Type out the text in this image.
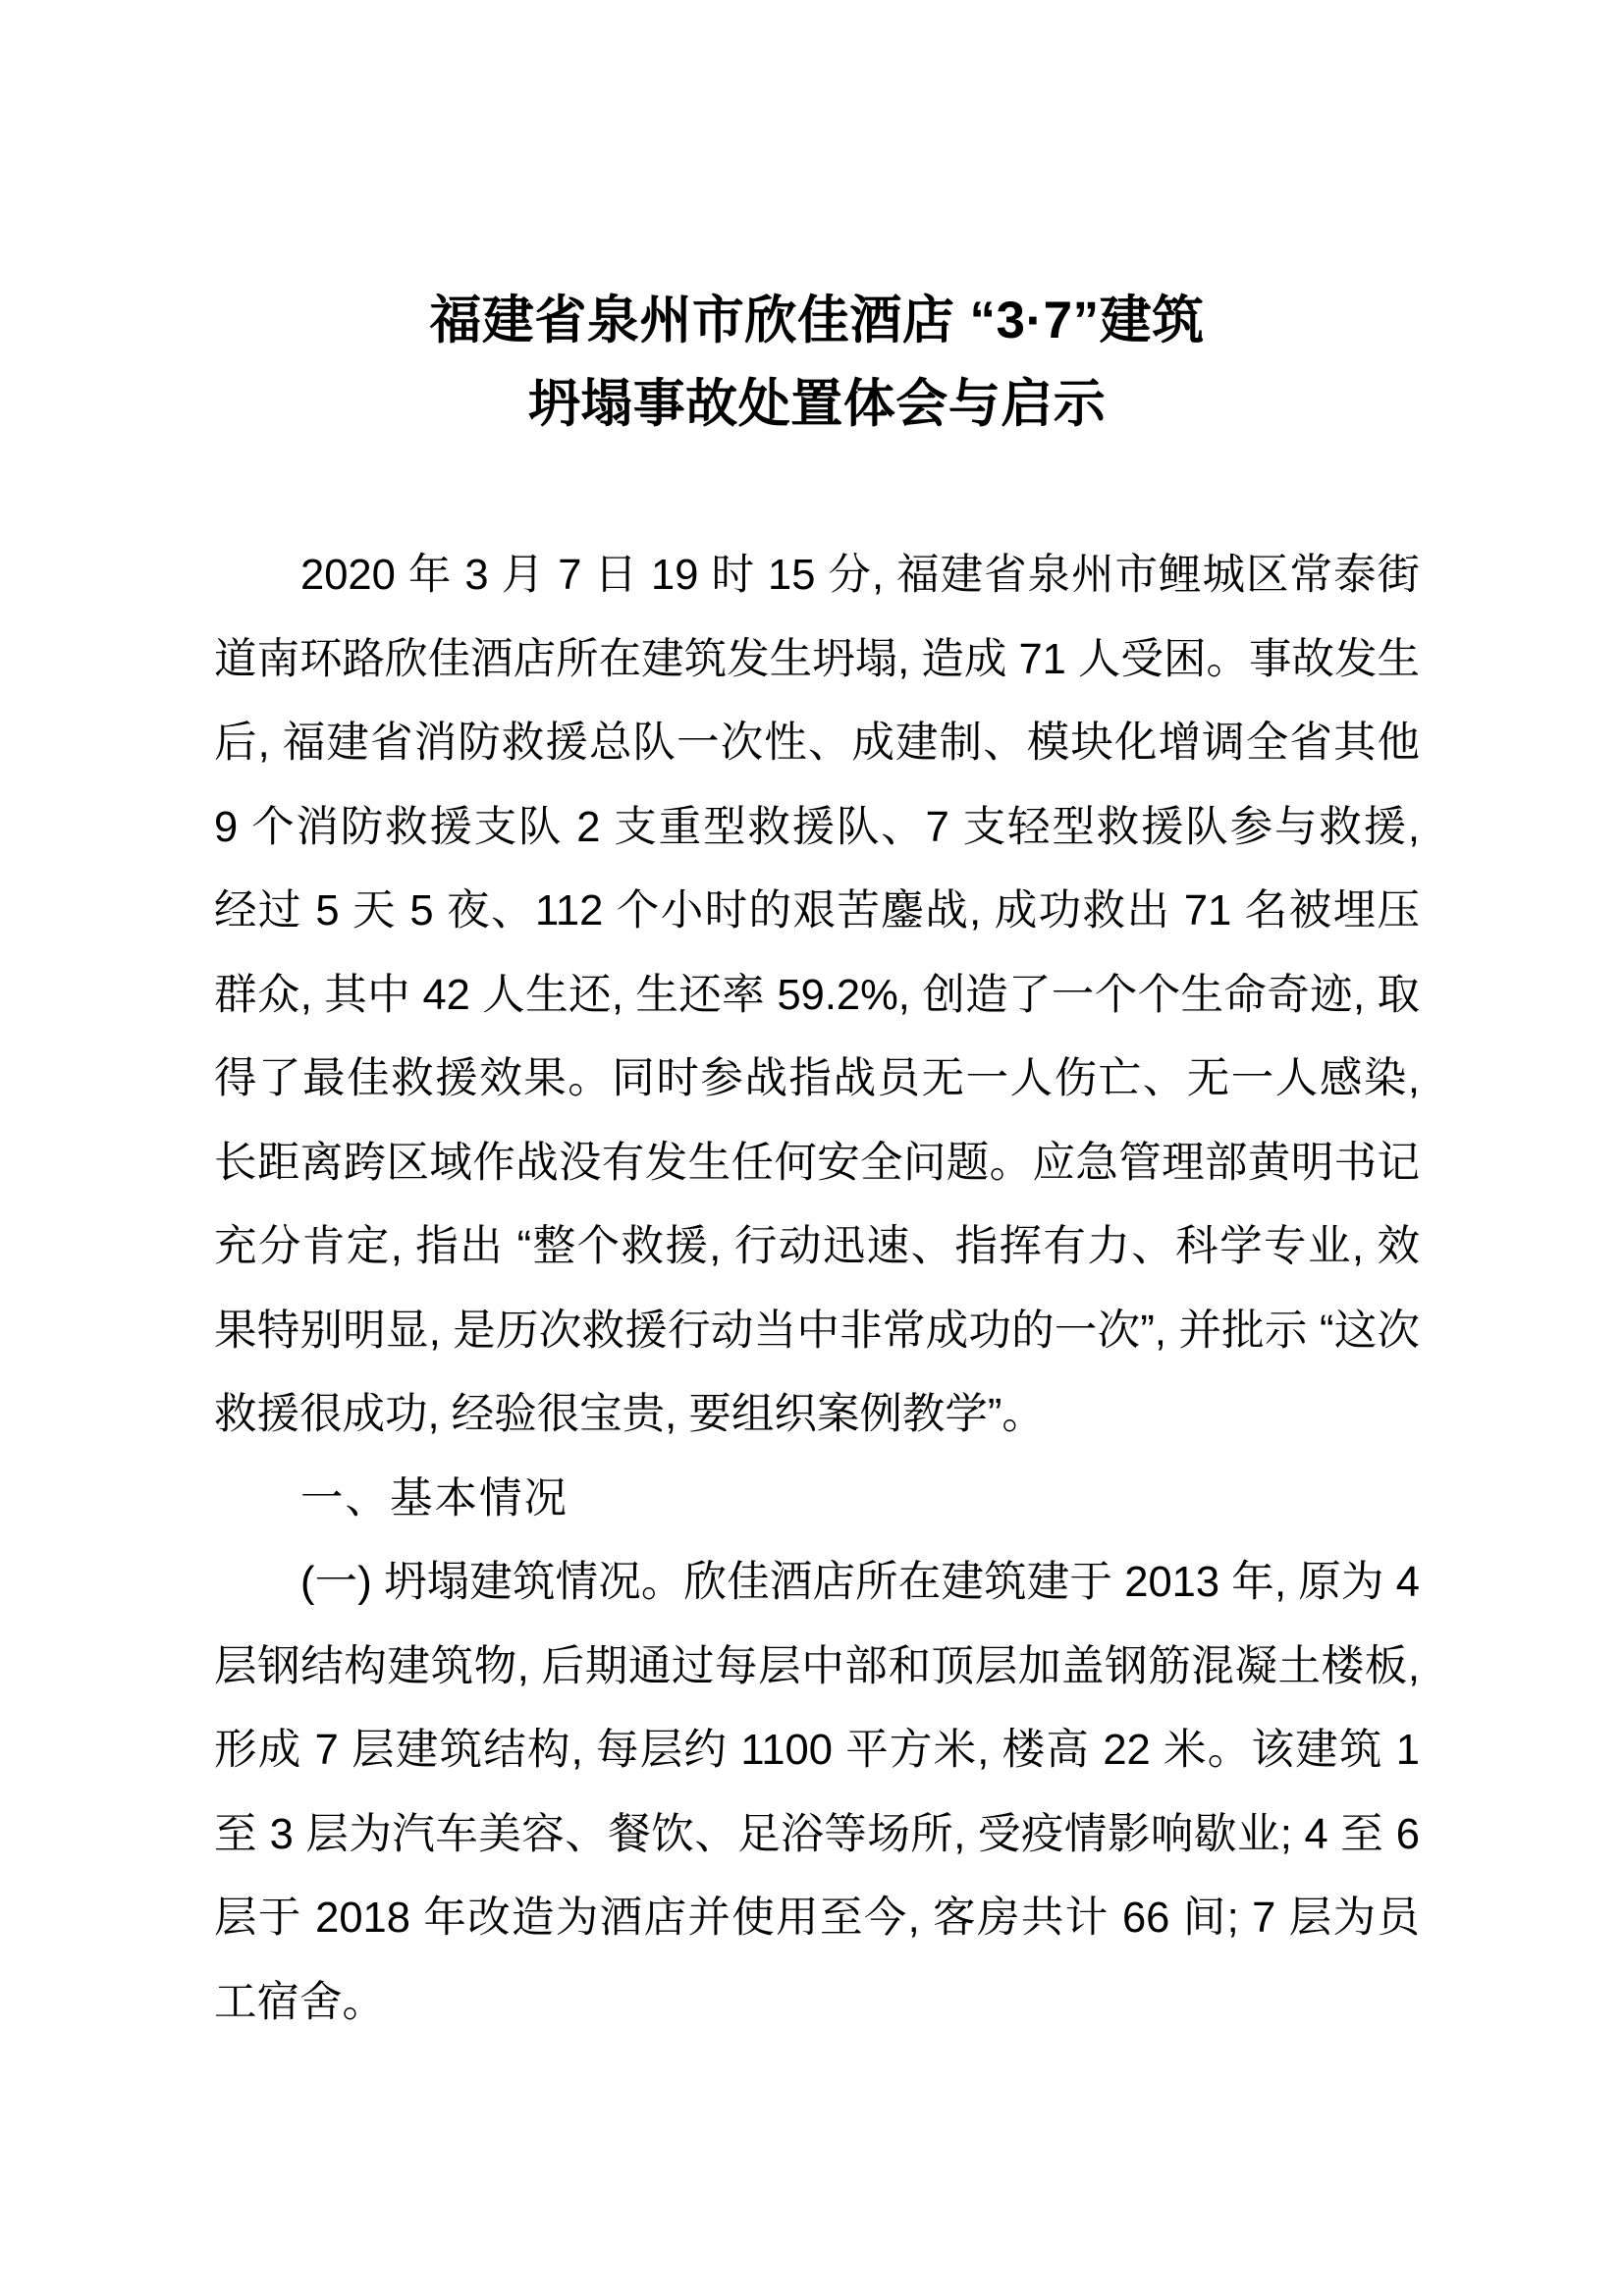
福建省泉州市欣佳酒店 “3·7”建筑
坍塌事故处置体会与启示

2020 年 3 月 7 日 19 时 15 分, 福建省泉州市鲤城区常泰街道南环路欣佳酒店所在建筑发生坍塌, 造成 71 人受困。事故发生后, 福建省消防救援总队一次性、成建制、模块化增调全省其他 9 个消防救援支队 2 支重型救援队、7 支轻型救援队参与救援, 经过 5 天 5 夜、112 个小时的艰苦鏖战, 成功救出 71 名被埋压群众, 其中 42 人生还, 生还率 59.2%, 创造了一个个生命奇迹, 取得了最佳救援效果。同时参战指战员无一人伤亡、无一人感染, 长距离跨区域作战没有发生任何安全问题。应急管理部黄明书记充分肯定, 指出 “整个救援, 行动迅速、指挥有力、科学专业, 效果特别明显, 是历次救援行动当中非常成功的一次”, 并批示 “这次救援很成功, 经验很宝贵, 要组织案例教学”。

一、基本情况

(一) 坍塌建筑情况。欣佳酒店所在建筑建于 2013 年, 原为 4 层钢结构建筑物, 后期通过每层中部和顶层加盖钢筋混凝土楼板, 形成 7 层建筑结构, 每层约 1100 平方米, 楼高 22 米。该建筑 1 至 3 层为汽车美容、餐饮、足浴等场所, 受疫情影响歇业; 4 至 6 层于 2018 年改造为酒店并使用至今, 客房共计 66 间; 7 层为员工宿舍。
